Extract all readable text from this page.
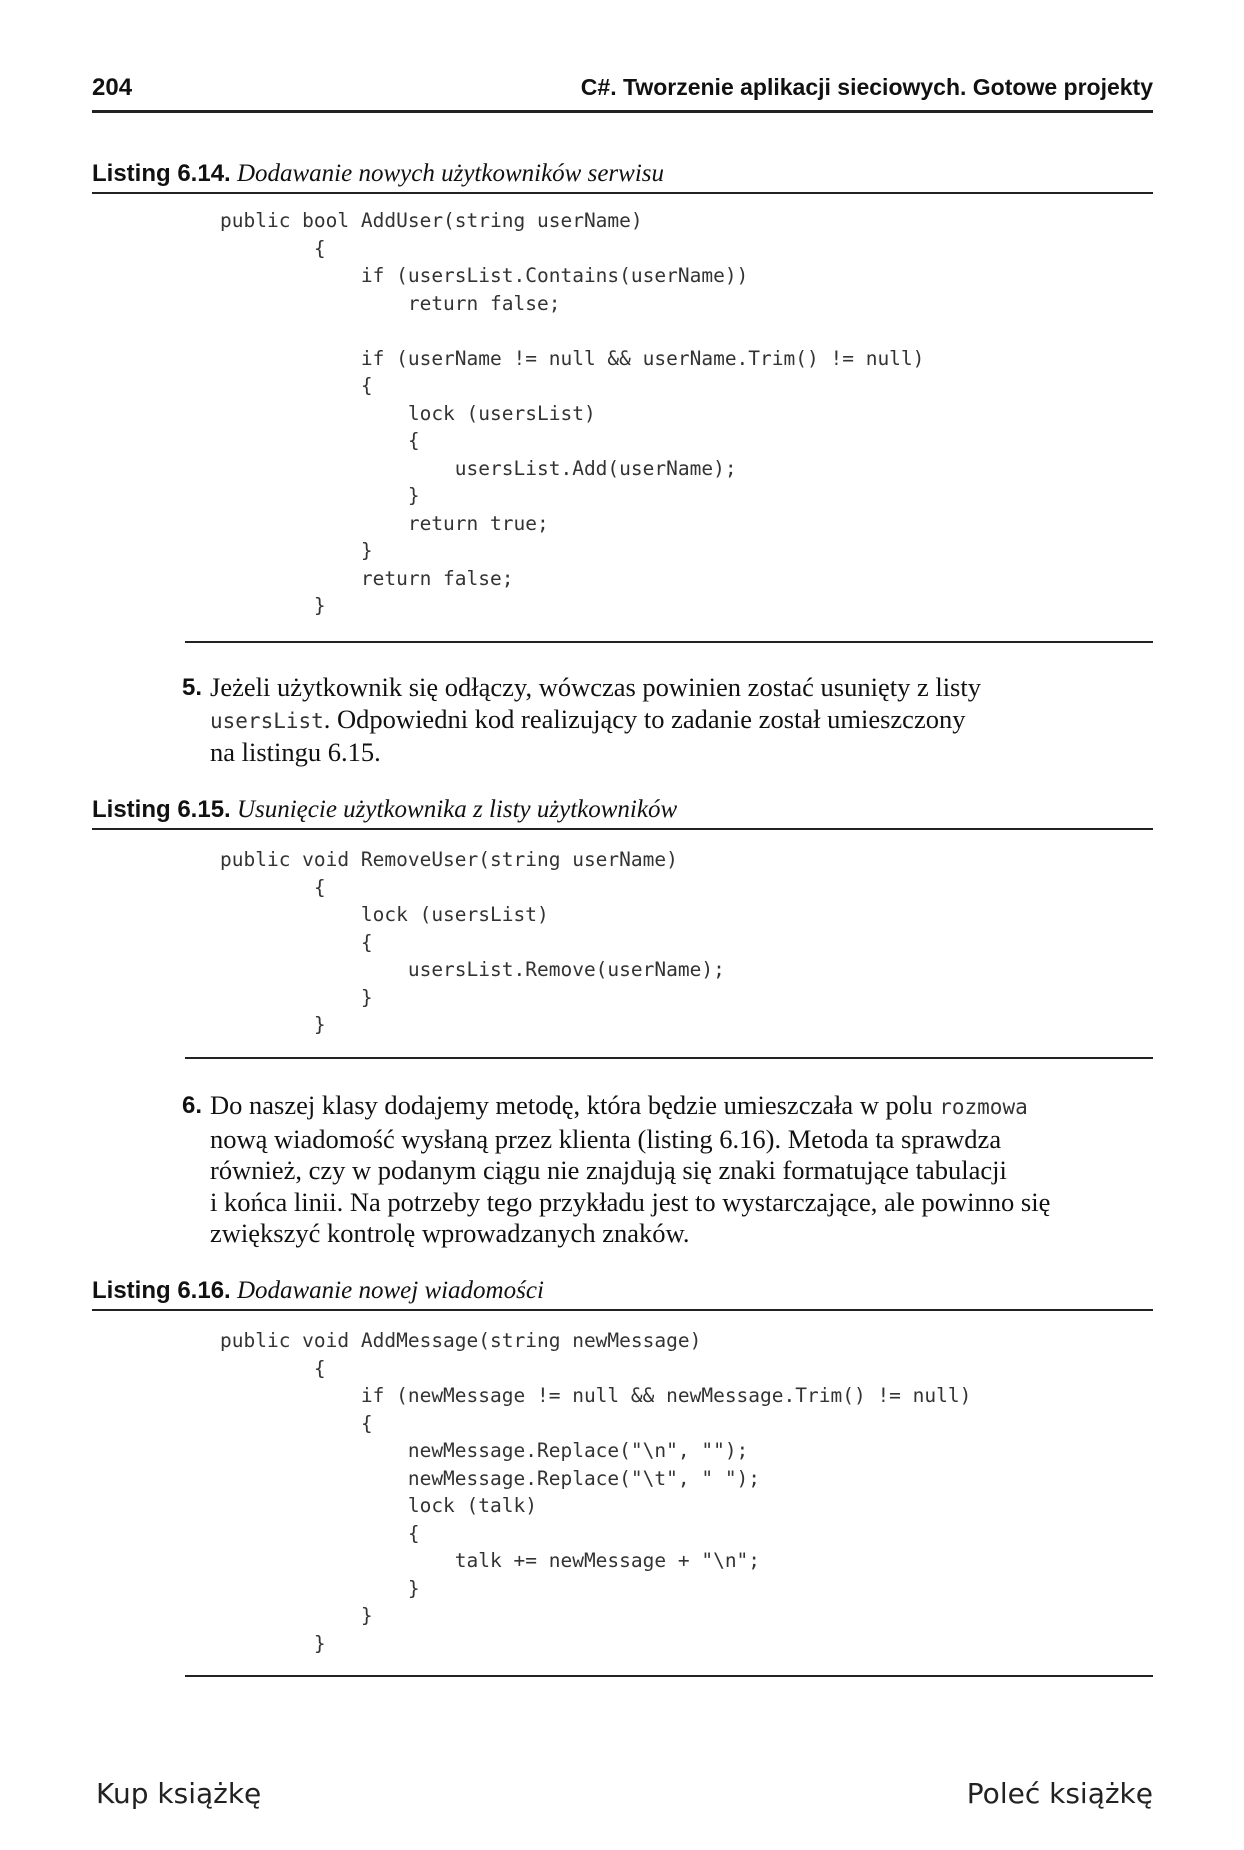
204	C#. Tworzenie aplikacji sieciowych. Gotowe projekty
Listing 6.14. Dodawanie nowych użytkowników serwisu
public bool AddUser(string userName)
{
if (usersList.Contains(userName))
return false;

if (userName != null && userName.Trim() != null)
{
lock (usersList)
{
usersList.Add(userName);
}
return true;
}
return false;
}
5. Jeżeli użytkownik się odłączy, wówczas powinien zostać usunięty z listy
usersList. Odpowiedni kod realizujący to zadanie został umieszczony
na listingu 6.15.
Listing 6.15. Usunięcie użytkownika z listy użytkowników
public void RemoveUser(string userName)
{
lock (usersList)
{
usersList.Remove(userName);
}
}
6. Do naszej klasy dodajemy metodę, która będzie umieszczała w polu rozmowa
nową wiadomość wysłaną przez klienta (listing 6.16). Metoda ta sprawdza
również, czy w podanym ciągu nie znajdują się znaki formatujące tabulacji
i końca linii. Na potrzeby tego przykładu jest to wystarczające, ale powinno się
zwiększyć kontrolę wprowadzanych znaków.
Listing 6.16. Dodawanie nowej wiadomości
public void AddMessage(string newMessage)
{
if (newMessage != null && newMessage.Trim() != null)
{
newMessage.Replace("\n", "");
newMessage.Replace("\t", " ");
lock (talk)
{
talk += newMessage + "\n";
}
}
}
Kup książkę	Poleć książkę
